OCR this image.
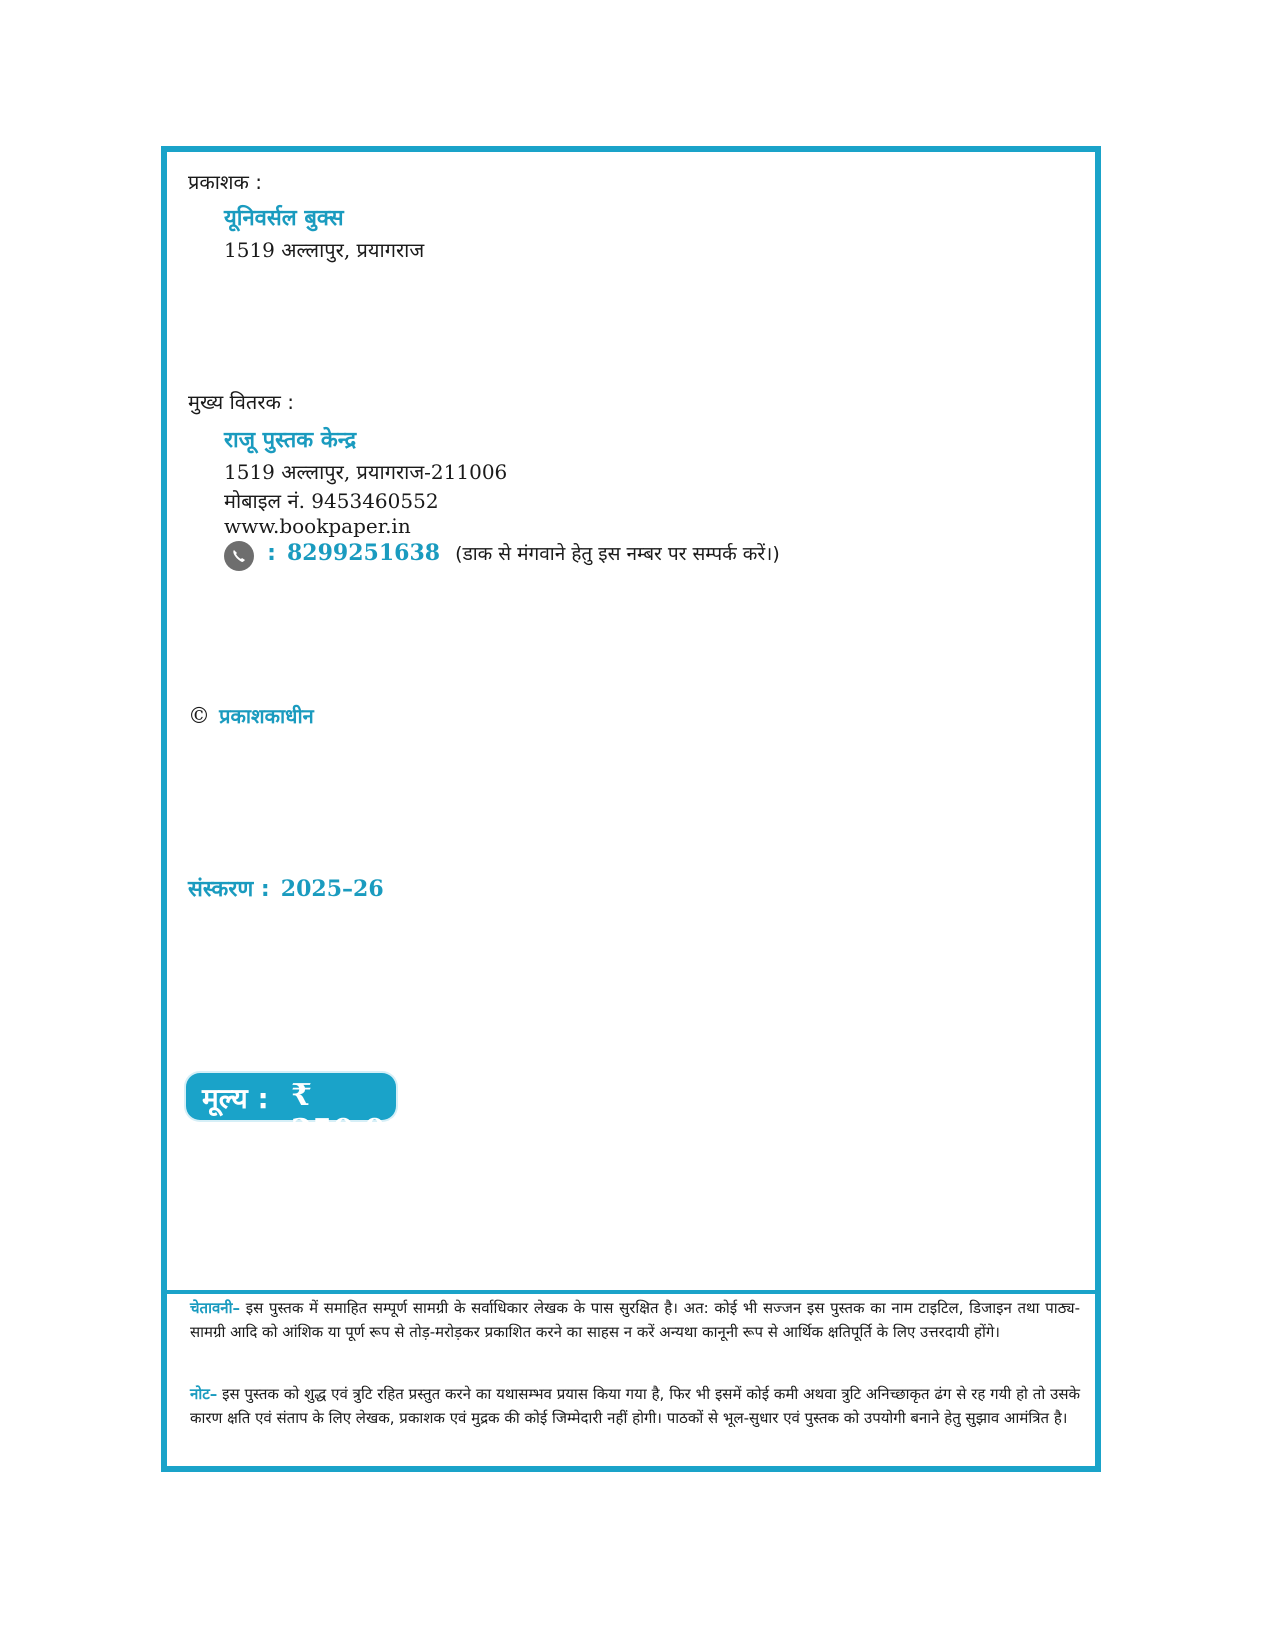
प्रकाशक :
यूनिवर्सल बुक्स
1519 अल्लापुर, प्रयागराज
मुख्य वितरक :
राजू पुस्तक केन्द्र
1519 अल्लापुर, प्रयागराज-211006
मोबाइल नं. 9453460552
www.bookpaper.in
: 8299251638 (डाक से मंगवाने हेतु इस नम्बर पर सम्पर्क करें।)
© प्रकाशकाधीन
संस्करण : 2025–26
मूल्य : ₹ 250.00
चेतावनी– इस पुस्तक में समाहित सम्पूर्ण सामग्री के सर्वाधिकार लेखक के पास सुरक्षित है। अत: कोई भी सज्जन इस पुस्तक का नाम टाइटिल, डिजाइन तथा पाठ्य-सामग्री आदि को आंशिक या पूर्ण रूप से तोड़-मरोड़कर प्रकाशित करने का साहस न करें अन्यथा कानूनी रूप से आर्थिक क्षतिपूर्ति के लिए उत्तरदायी होंगे।
नोट– इस पुस्तक को शुद्ध एवं त्रुटि रहित प्रस्तुत करने का यथासम्भव प्रयास किया गया है, फिर भी इसमें कोई कमी अथवा त्रुटि अनिच्छाकृत ढंग से रह गयी हो तो उसके कारण क्षति एवं संताप के लिए लेखक, प्रकाशक एवं मुद्रक की कोई जिम्मेदारी नहीं होगी। पाठकों से भूल-सुधार एवं पुस्तक को उपयोगी बनाने हेतु सुझाव आमंत्रित है।
